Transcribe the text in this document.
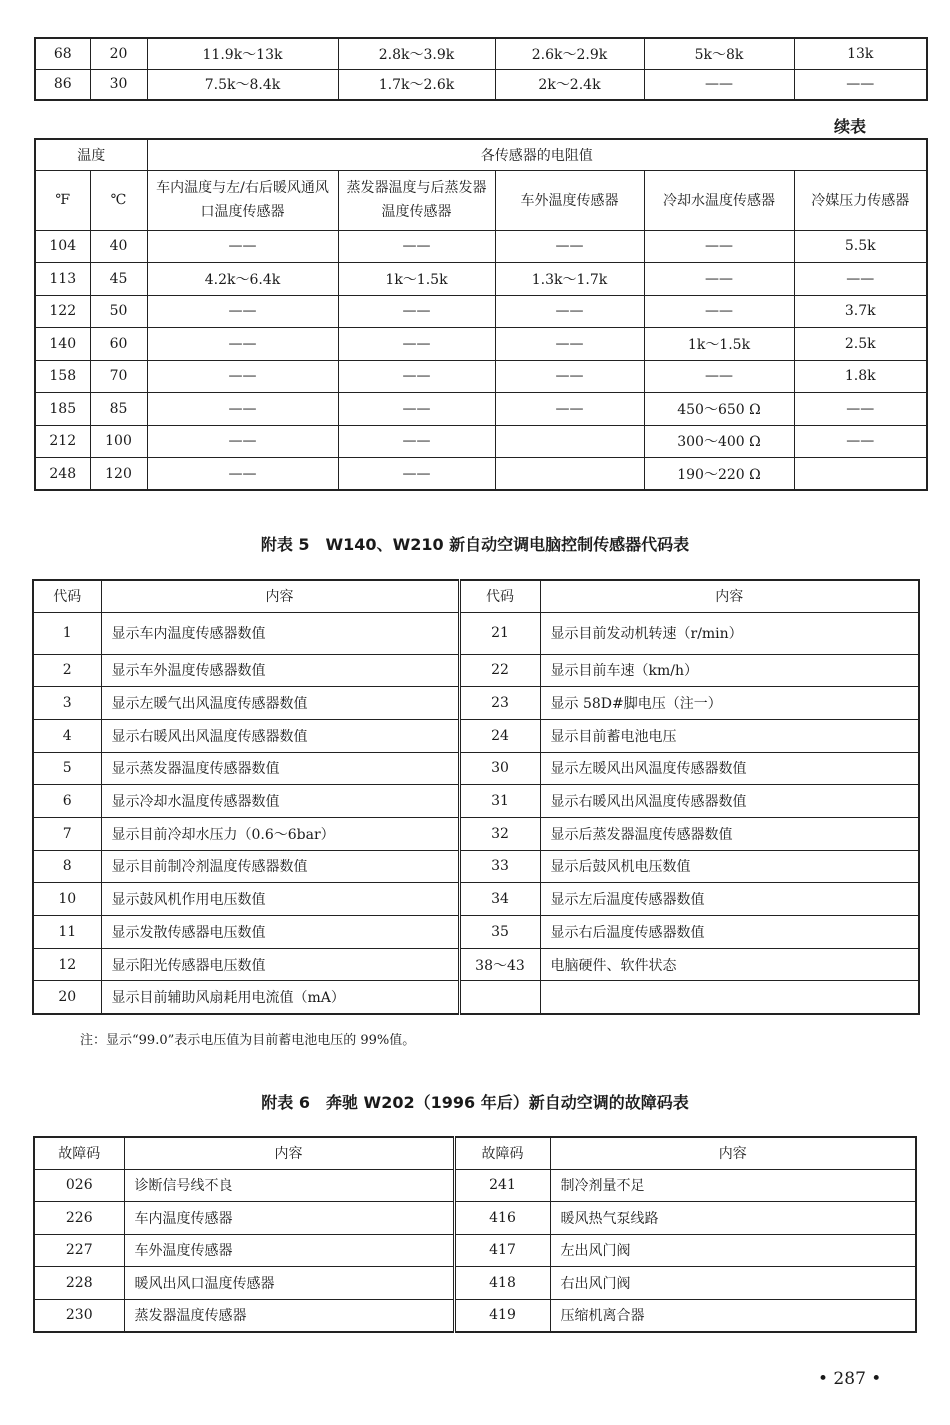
68	20	11.9k～13k	2.8k～3.9k	2.6k～2.9k	5k～8k	13k
86	30	7.5k～8.4k	1.7k～2.6k	2k～2.4k	——	——
续表
温度		各传感器的电阻值				
℉	℃	车内温度与左/右后暖风通风口温度传感器	蒸发器温度与后蒸发器温度传感器	车外温度传感器	冷却水温度传感器	冷媒压力传感器
104	40	——	——	——	——	5.5k
113	45	4.2k～6.4k	1k～1.5k	1.3k～1.7k	——	——
122	50	——	——	——	——	3.7k
140	60	——	——	——	1k～1.5k	2.5k
158	70	——	——	——	——	1.8k
185	85	——	——	——	450～650 Ω	——
212	100	——	——		300～400 Ω	——
248	120	——	——		190～220 Ω	
附表 5　W140、W210 新自动空调电脑控制传感器代码表
代码	内容	代码	内容
1	显示车内温度传感器数值	21	显示目前发动机转速（r/min）
2	显示车外温度传感器数值	22	显示目前车速（km/h）
3	显示左暖气出风温度传感器数值	23	显示 58D#脚电压（注一）
4	显示右暖风出风温度传感器数值	24	显示目前蓄电池电压
5	显示蒸发器温度传感器数值	30	显示左暖风出风温度传感器数值
6	显示冷却水温度传感器数值	31	显示右暖风出风温度传感器数值
7	显示目前冷却水压力（0.6～6bar）	32	显示后蒸发器温度传感器数值
8	显示目前制冷剂温度传感器数值	33	显示后鼓风机电压数值
10	显示鼓风机作用电压数值	34	显示左后温度传感器数值
11	显示发散传感器电压数值	35	显示右后温度传感器数值
12	显示阳光传感器电压数值	38～43	电脑硬件、软件状态
20	显示目前辅助风扇耗用电流值（mA）		
注：显示“99.0”表示电压值为目前蓄电池电压的 99%值。
附表 6　奔驰 W202（1996 年后）新自动空调的故障码表
故障码	内容	故障码	内容
026	诊断信号线不良	241	制冷剂量不足
226	车内温度传感器	416	暖风热气泵线路
227	车外温度传感器	417	左出风门阀
228	暖风出风口温度传感器	418	右出风门阀
230	蒸发器温度传感器	419	压缩机离合器
• 287 •
